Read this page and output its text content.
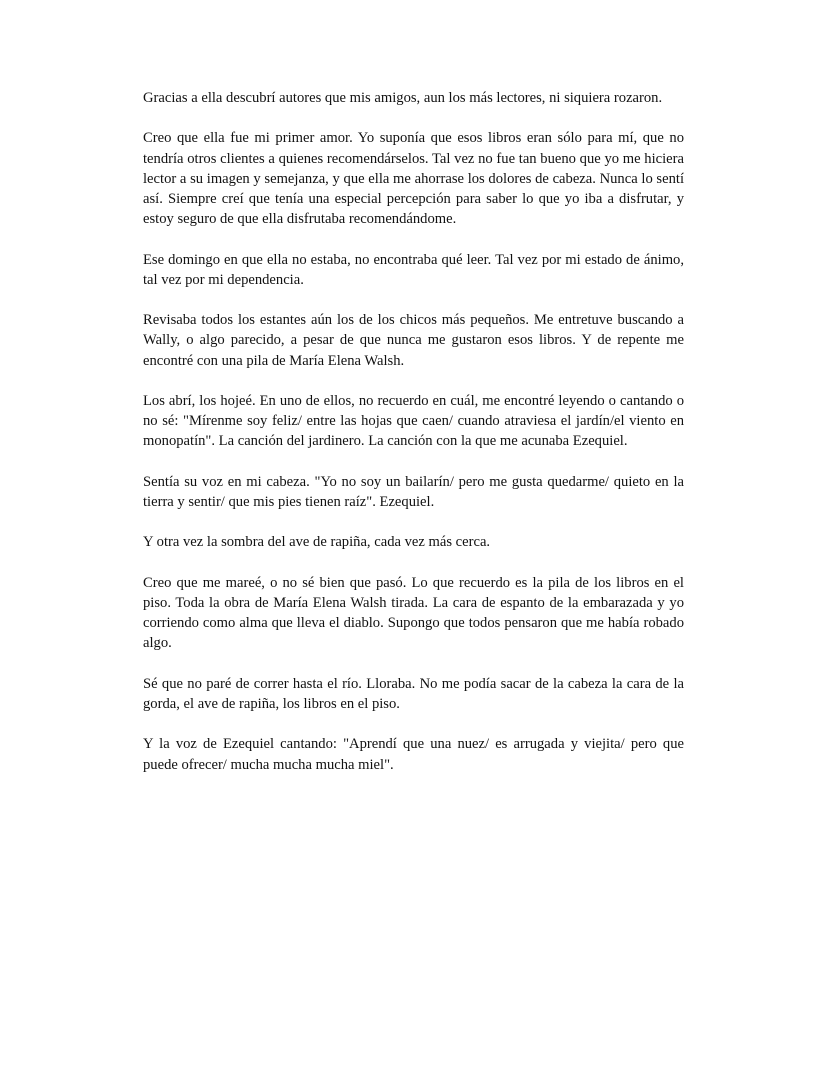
Gracias a ella descubrí autores que mis amigos, aun los más lectores, ni siquiera rozaron.

Creo que ella fue mi primer amor. Yo suponía que esos libros eran sólo para mí, que no tendría otros clientes a quienes recomendárselos. Tal vez no fue tan bueno que yo me hiciera lector a su imagen y semejanza, y que ella me ahorrase los dolores de cabeza. Nunca lo sentí así. Siempre creí que tenía una especial percepción para saber lo que yo iba a disfrutar, y estoy seguro de que ella disfrutaba recomendándome.

Ese domingo en que ella no estaba, no encontraba qué leer. Tal vez por mi estado de ánimo, tal vez por mi dependencia.

Revisaba todos los estantes aún los de los chicos más pequeños. Me entretuve buscando a Wally, o algo parecido, a pesar de que nunca me gustaron esos libros. Y de repente me encontré con una pila de María Elena Walsh.

Los abrí, los hojeé. En uno de ellos, no recuerdo en cuál, me encontré leyendo o cantando o no sé: "Mírenme soy feliz/ entre las hojas que caen/ cuando atraviesa el jardín/el viento en monopatín". La canción del jardinero. La canción con la que me acunaba Ezequiel.

Sentía su voz en mi cabeza. "Yo no soy un bailarín/ pero me gusta quedarme/ quieto en la tierra y sentir/ que mis pies tienen raíz". Ezequiel.

Y otra vez la sombra del ave de rapiña, cada vez más cerca.

Creo que me mareé, o no sé bien que pasó. Lo que recuerdo es la pila de los libros en el piso. Toda la obra de María Elena Walsh tirada. La cara de espanto de la embarazada y yo corriendo como alma que lleva el diablo. Supongo que todos pensaron que me había robado algo.

Sé que no paré de correr hasta el río. Lloraba. No me podía sacar de la cabeza la cara de la gorda, el ave de rapiña, los libros en el piso.

Y la voz de Ezequiel cantando: "Aprendí que una nuez/ es arrugada y viejita/ pero que puede ofrecer/ mucha mucha mucha miel".
